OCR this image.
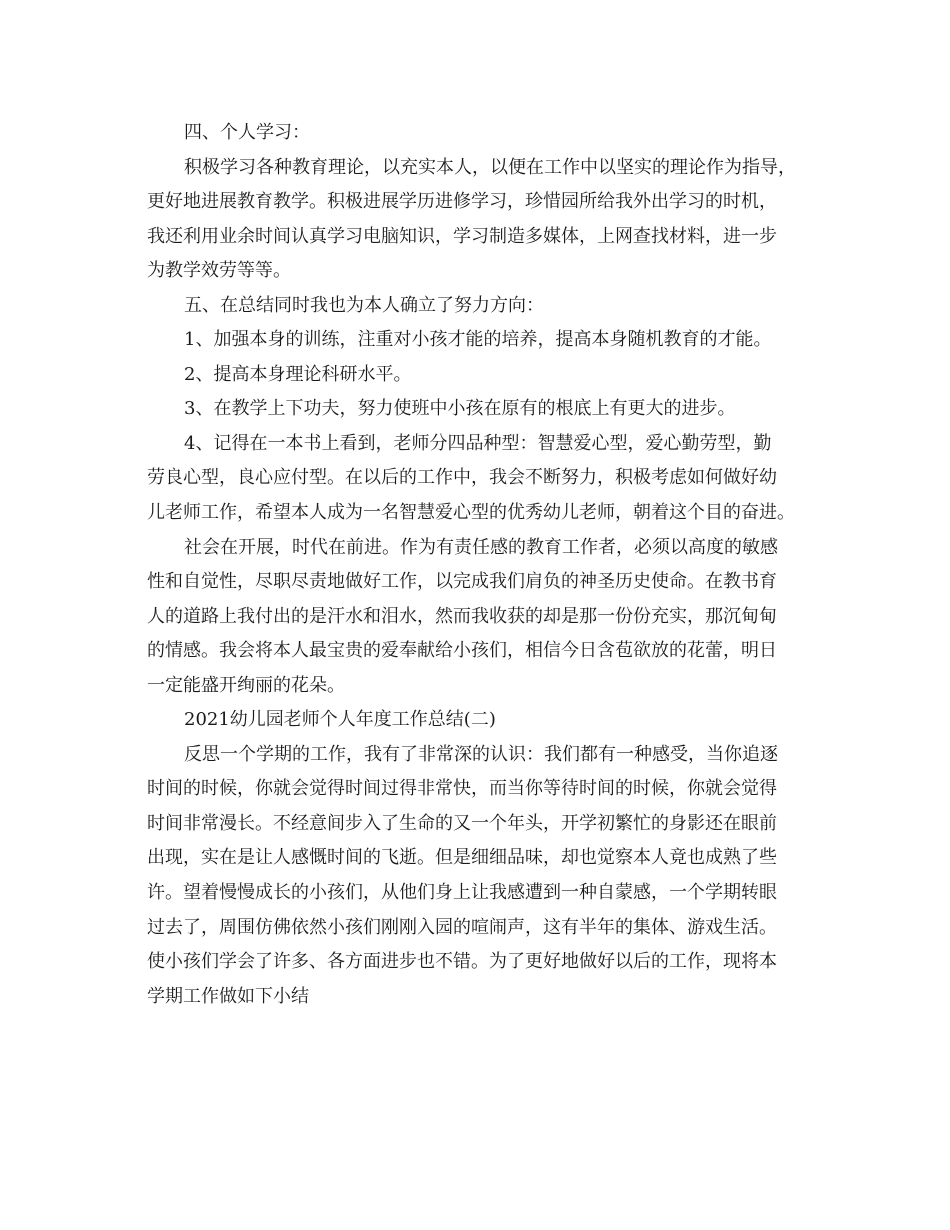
四、个人学习：
积极学习各种教育理论，以充实本人，以便在工作中以坚实的理论作为指导，
更好地进展教育教学。积极进展学历进修学习，珍惜园所给我外出学习的时机，
我还利用业余时间认真学习电脑知识，学习制造多媒体，上网查找材料，进一步
为教学效劳等等。
五、在总结同时我也为本人确立了努力方向：
1、加强本身的训练，注重对小孩才能的培养，提高本身随机教育的才能。
2、提高本身理论科研水平。
3、在教学上下功夫，努力使班中小孩在原有的根底上有更大的进步。
4、记得在一本书上看到，老师分四品种型：智慧爱心型，爱心勤劳型，勤
劳良心型，良心应付型。在以后的工作中，我会不断努力，积极考虑如何做好幼
儿老师工作，希望本人成为一名智慧爱心型的优秀幼儿老师，朝着这个目的奋进。
社会在开展，时代在前进。作为有责任感的教育工作者，必须以高度的敏感
性和自觉性，尽职尽责地做好工作，以完成我们肩负的神圣历史使命。在教书育
人的道路上我付出的是汗水和泪水，然而我收获的却是那一份份充实，那沉甸甸
的情感。我会将本人最宝贵的爱奉献给小孩们，相信今日含苞欲放的花蕾，明日
一定能盛开绚丽的花朵。
2021幼儿园老师个人年度工作总结(二)
反思一个学期的工作，我有了非常深的认识：我们都有一种感受，当你追逐
时间的时候，你就会觉得时间过得非常快，而当你等待时间的时候，你就会觉得
时间非常漫长。不经意间步入了生命的又一个年头，开学初繁忙的身影还在眼前
出现，实在是让人感慨时间的飞逝。但是细细品味，却也觉察本人竟也成熟了些
许。望着慢慢成长的小孩们，从他们身上让我感遭到一种自蒙感，一个学期转眼
过去了，周围仿佛依然小孩们刚刚入园的喧闹声，这有半年的集体、游戏生活。
使小孩们学会了许多、各方面进步也不错。为了更好地做好以后的工作，现将本
学期工作做如下小结
